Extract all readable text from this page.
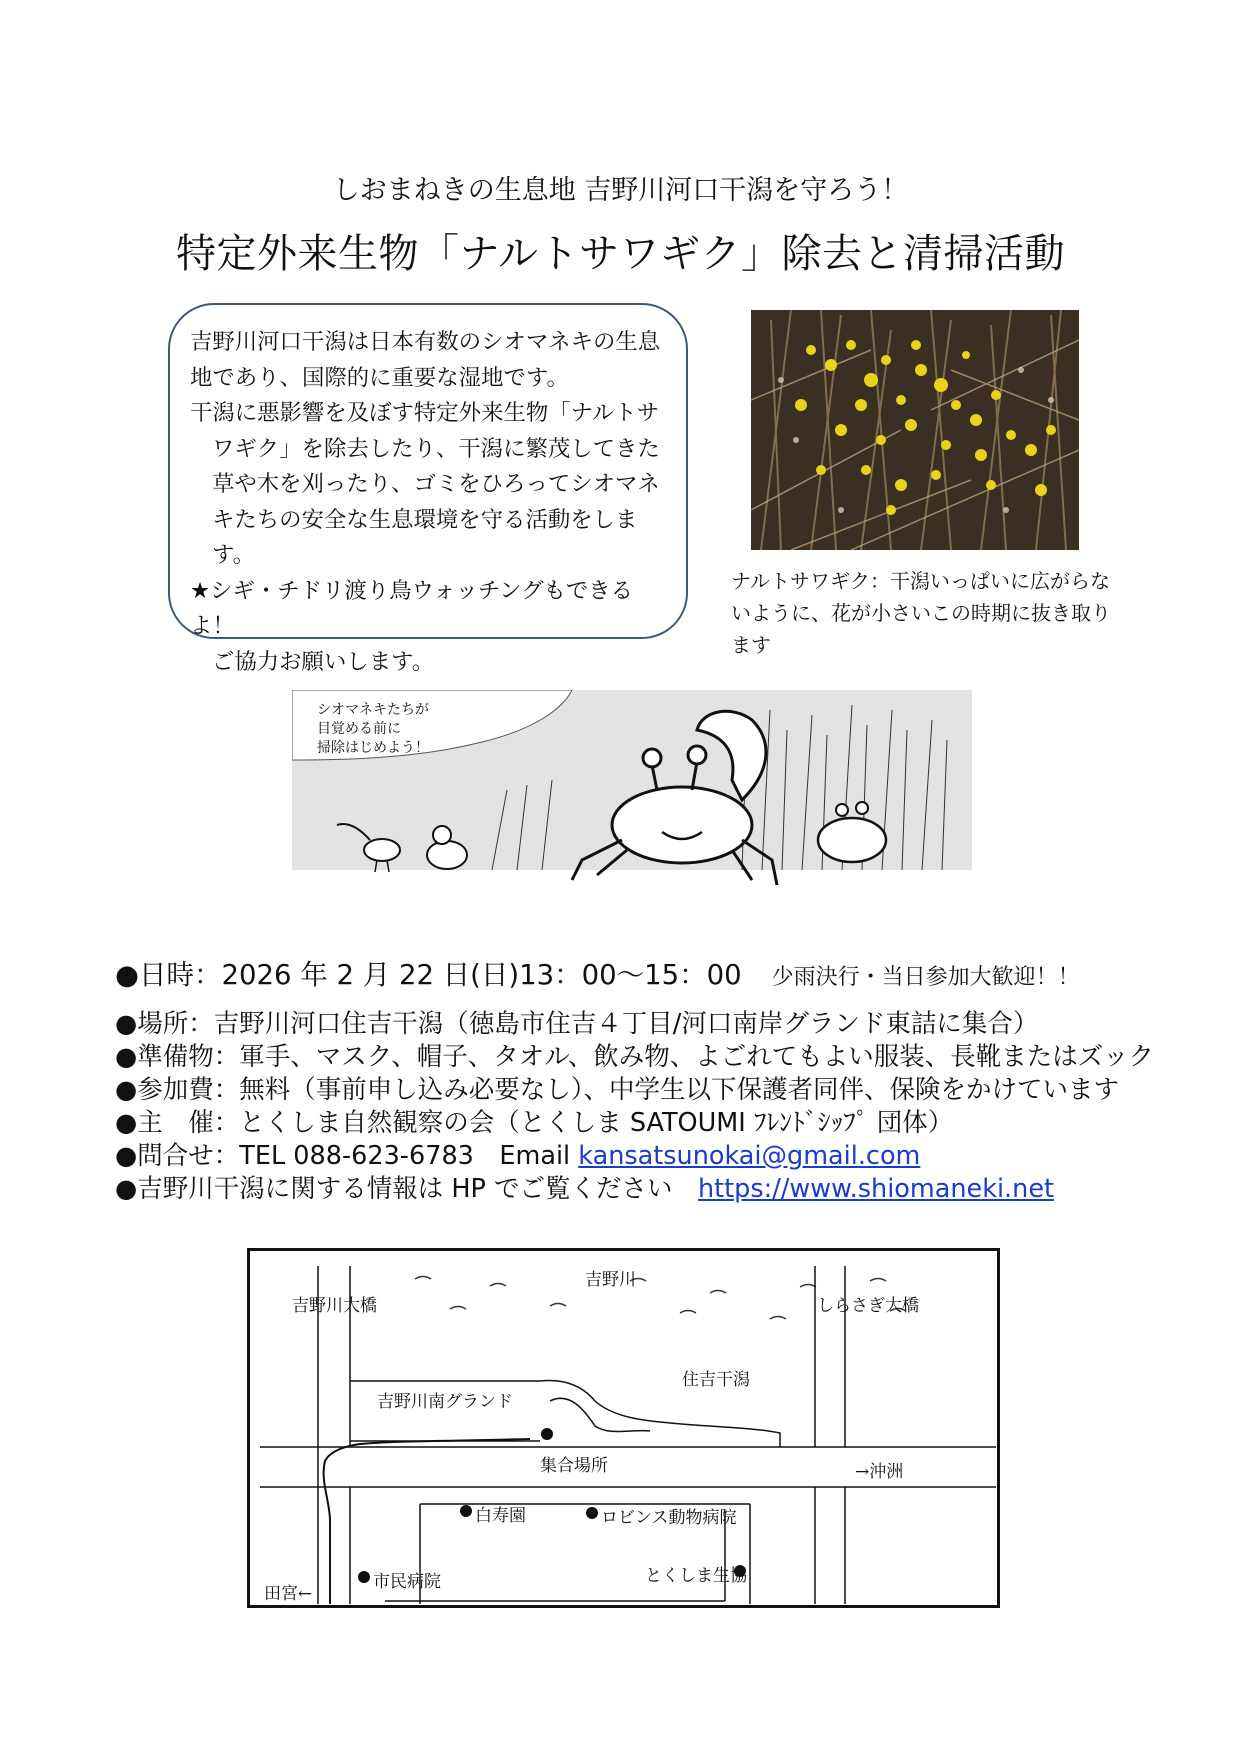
しおまねきの生息地 吉野川河口干潟を守ろう！
特定外来生物「ナルトサワギク」除去と清掃活動

吉野川河口干潟は日本有数のシオマネキの生息地であり、国際的に重要な湿地です。

干潟に悪影響を及ぼす特定外来生物「ナルトサワギク」を除去したり、干潟に繁茂してきた草や木を刈ったり、ゴミをひろってシオマネキたちの安全な生息環境を守る活動をします。

★シギ・チドリ渡り鳥ウォッチングもできるよ！

ご協力お願いします。

ナルトサワギク：干潟いっぱいに広がらないように、花が小さいこの時期に抜き取ります
シオマネキたちが
目覚める前に
掃除はじめよう！
●日時：2026 年 2 月 22 日(日)13：00～15：00 少雨決行・当日参加大歓迎！！
●場所：吉野川河口住吉干潟（徳島市住吉４丁目/河口南岸グランド東詰に集合）
●準備物：軍手、マスク、帽子、タオル、飲み物、よごれてもよい服装、長靴またはズック
●参加費：無料（事前申し込み必要なし）、中学生以下保護者同伴、保険をかけています
●主　催：とくしま自然観察の会（とくしま SATOUMI ﾌﾚﾝﾄﾞｼｯﾌﾟ 団体）
●問合せ：TEL 088-623-6783　Email kansatsunokai@gmail.com
●吉野川干潟に関する情報は HP でご覧ください　https://www.shiomaneki.net
吉野川
吉野川大橋	しらさぎ大橋
住吉干潟
吉野川南グランド
集合場所	→沖洲
白寿園	ロビンス動物病院
市民病院	とくしま生協
田宮←
